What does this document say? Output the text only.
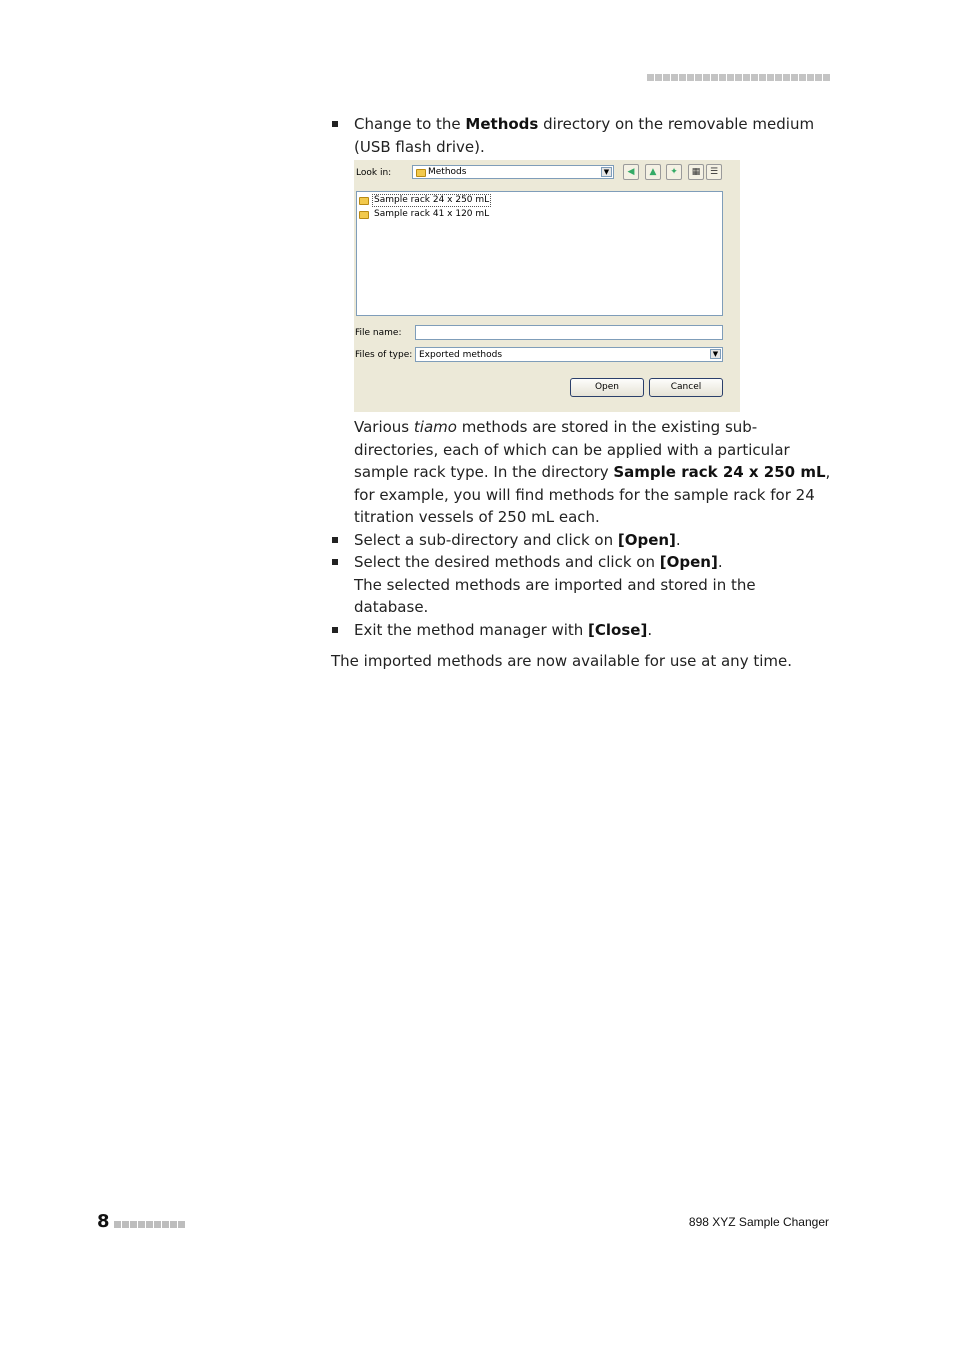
Change to the Methods directory on the removable medium (USB flash drive).
Look in:	Methods	▼	◀	▲	✦	▦	☰
Sample rack 24 x 250 mL
Sample rack 41 x 120 mL
File name:
Files of type: Exported methods	▼
Open	Cancel
Various tiamo methods are stored in the existing sub-directories, each of which can be applied with a particular sample rack type. In the directory Sample rack 24 x 250 mL, for example, you will find methods for the sample rack for 24 titration vessels of 250 mL each.
Select a sub-directory and click on [Open].
Select the desired methods and click on [Open].
The selected methods are imported and stored in the database.
Exit the method manager with [Close].
The imported methods are now available for use at any time.
8	898 XYZ Sample Changer
